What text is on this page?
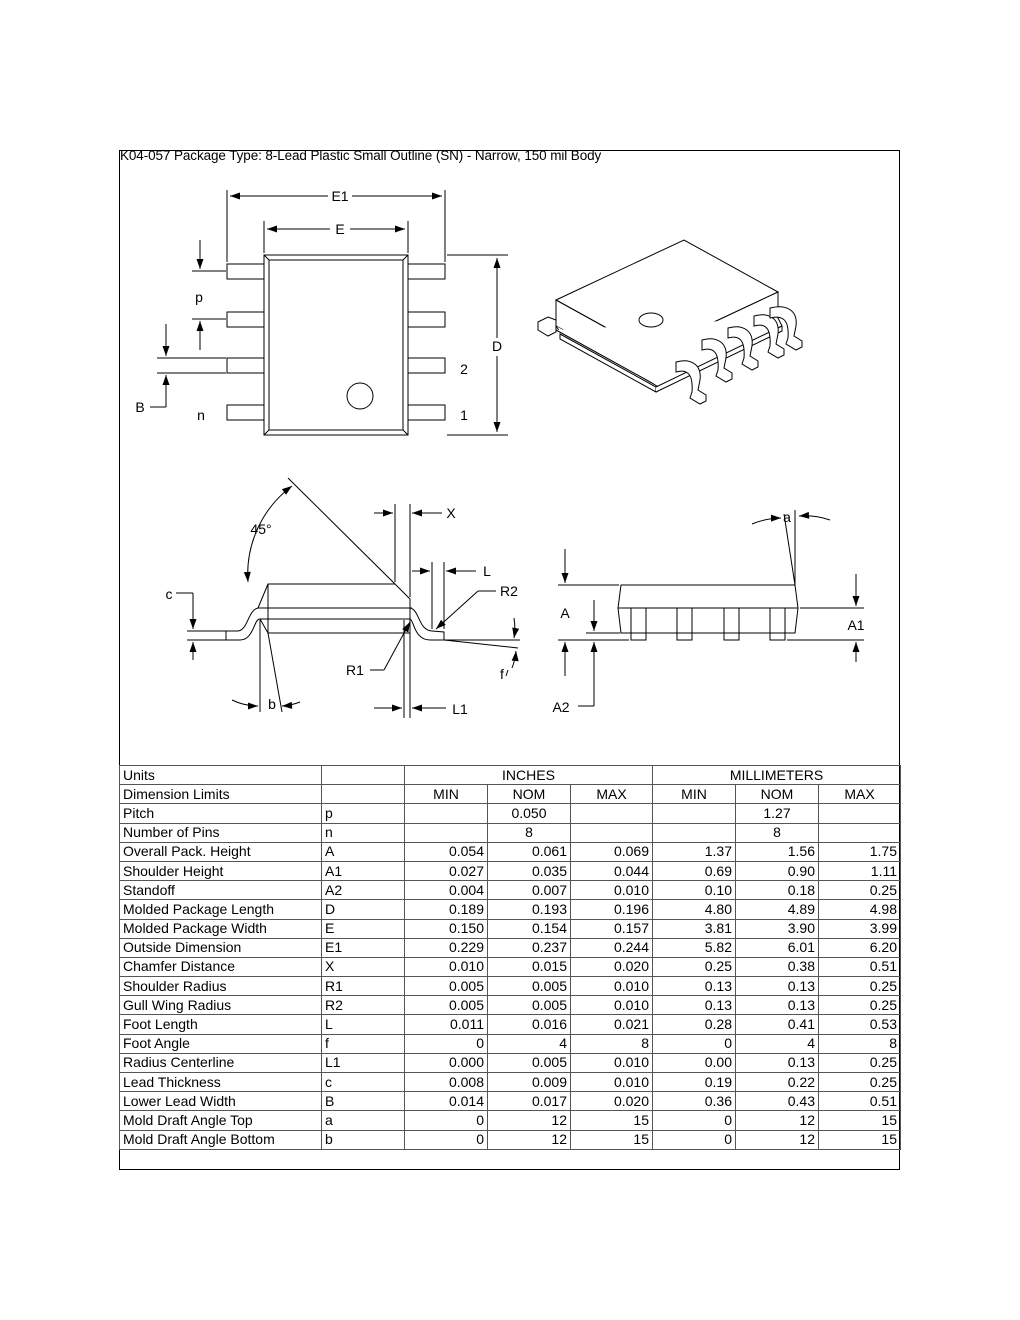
K04-057 Package Type: 8-Lead Plastic Small Outline (SN) - Narrow, 150 mil Body
E1
E
p
D
2
1
B	n
X
45°
L
R2
c
R1	f
b	L1
a
A
A1
A2
Units		INCHES			MILLIMETERS		
Dimension Limits		MIN	NOM	MAX	MIN	NOM	MAX
Pitch	p		0.050			1.27	
Number of Pins	n		8			8	
Overall Pack. Height	A	0.054	0.061	0.069	1.37	1.56	1.75
Shoulder Height	A1	0.027	0.035	0.044	0.69	0.90	1.11
Standoff	A2	0.004	0.007	0.010	0.10	0.18	0.25
Molded Package Length	D	0.189	0.193	0.196	4.80	4.89	4.98
Molded Package Width	E	0.150	0.154	0.157	3.81	3.90	3.99
Outside Dimension	E1	0.229	0.237	0.244	5.82	6.01	6.20
Chamfer Distance	X	0.010	0.015	0.020	0.25	0.38	0.51
Shoulder Radius	R1	0.005	0.005	0.010	0.13	0.13	0.25
Gull Wing Radius	R2	0.005	0.005	0.010	0.13	0.13	0.25
Foot Length	L	0.011	0.016	0.021	0.28	0.41	0.53
Foot Angle	f	0	4	8	0	4	8
Radius Centerline	L1	0.000	0.005	0.010	0.00	0.13	0.25
Lead Thickness	c	0.008	0.009	0.010	0.19	0.22	0.25
Lower Lead Width	B	0.014	0.017	0.020	0.36	0.43	0.51
Mold Draft Angle Top	a	0	12	15	0	12	15
Mold Draft Angle Bottom	b	0	12	15	0	12	15
